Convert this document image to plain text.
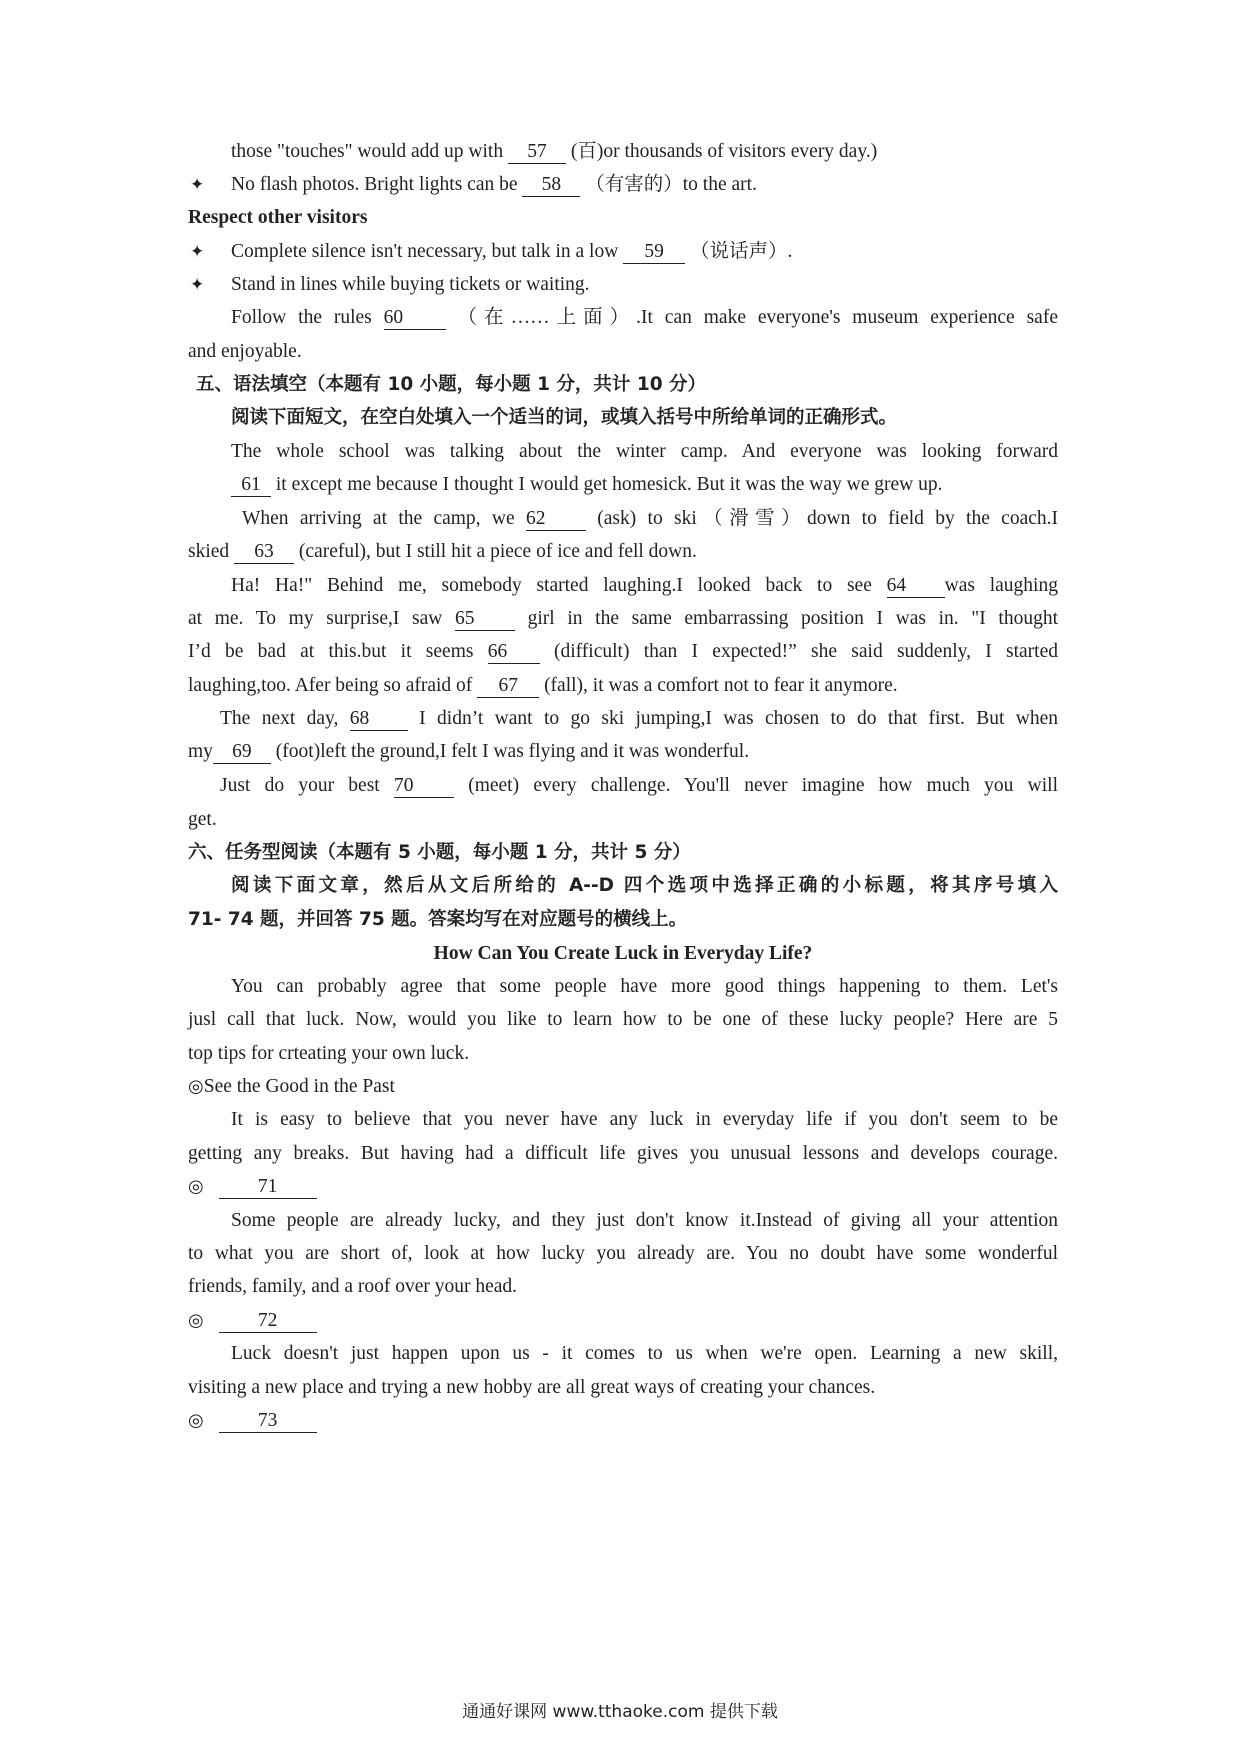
those "touches" would add up with 57 (百)or thousands of visitors every day.)
✦ No flash photos. Bright lights can be 58 （有害的）to the art.
Respect other visitors
✦ Complete silence isn't necessary, but talk in a low 59 （说话声）.
✦ Stand in lines while buying tickets or waiting.
Follow the rules 60 （在……上面）.It can make everyone's museum experience safe
and enjoyable.
五、语法填空（本题有 10 小题，每小题 1 分，共计 10 分）
阅读下面短文，在空白处填入一个适当的词，或填入括号中所给单词的正确形式。
The whole school was talking about the winter camp. And everyone was looking forward
61 it except me because I thought I would get homesick. But it was the way we grew up.
When arriving at the camp, we 62 (ask) to ski（滑雪）down to field by the coach.I
skied 63 (careful), but I still hit a piece of ice and fell down.
Ha! Ha!" Behind me, somebody started laughing.I looked back to see 64 was laughing
at me. To my surprise,I saw 65 girl in the same embarrassing position I was in. "I thought
I’d be bad at this.but it seems 66 (difficult) than I expected!” she said suddenly, I started
laughing,too. Afer being so afraid of 67 (fall), it was a comfort not to fear it anymore.
The next day, 68 I didn’t want to go ski jumping,I was chosen to do that first. But when
my 69 (foot)left the ground,I felt I was flying and it was wonderful.
Just do your best 70 (meet) every challenge. You'll never imagine how much you will
get.
六、任务型阅读（本题有 5 小题，每小题 1 分，共计 5 分）
阅读下面文章，然后从文后所给的 A--D 四个选项中选择正确的小标题，将其序号填入
71- 74 题，并回答 75 题。答案均写在对应题号的横线上。
How Can You Create Luck in Everyday Life?
You can probably agree that some people have more good things happening to them. Let's
jusl call that luck. Now, would you like to learn how to be one of these lucky people? Here are 5
top tips for crteating your own luck.
◎See the Good in the Past
It is easy to believe that you never have any luck in everyday life if you don't seem to be
getting any breaks. But having had a difficult life gives you unusual lessons and develops courage.
◎	71
Some people are already lucky, and they just don't know it.Instead of giving all your attention
to what you are short of, look at how lucky you already are. You no doubt have some wonderful
friends, family, and a roof over your head.
◎	72
Luck doesn't just happen upon us - it comes to us when we're open. Learning a new skill,
visiting a new place and trying a new hobby are all great ways of creating your chances.
◎	73
通通好课网 www.tthaoke.com 提供下载
